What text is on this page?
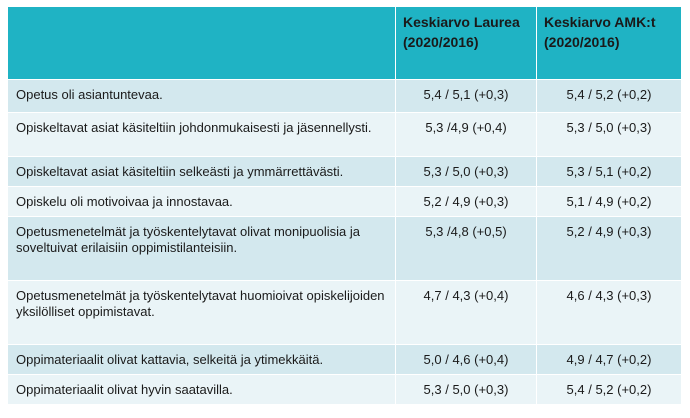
	Keskiarvo Laurea (2020/2016)	Keskiarvo AMK:t (2020/2016)
Opetus oli asiantuntevaa.	5,4 / 5,1 (+0,3)	5,4 / 5,2 (+0,2)
Opiskeltavat asiat käsiteltiin johdonmukaisesti ja jäsennellysti.	5,3 /4,9 (+0,4)	5,3 / 5,0 (+0,3)
Opiskeltavat asiat käsiteltiin selkeästi ja ymmärrettävästi.	5,3 / 5,0 (+0,3)	5,3 / 5,1 (+0,2)
Opiskelu oli motivoivaa ja innostavaa.	5,2 / 4,9 (+0,3)	5,1 / 4,9 (+0,2)
Opetusmenetelmät ja työskentelytavat olivat monipuolisia ja soveltuivat erilaisiin oppimistilanteisiin.	5,3 /4,8 (+0,5)	5,2 / 4,9 (+0,3)
Opetusmenetelmät ja työskentelytavat huomioivat opiskelijoiden yksilölliset oppimistavat.	4,7 / 4,3 (+0,4)	4,6 / 4,3 (+0,3)
Oppimateriaalit olivat kattavia, selkeitä ja ytimekkäitä.	5,0 / 4,6 (+0,4)	4,9 / 4,7 (+0,2)
Oppimateriaalit olivat hyvin saatavilla.	5,3 / 5,0 (+0,3)	5,4 / 5,2 (+0,2)
